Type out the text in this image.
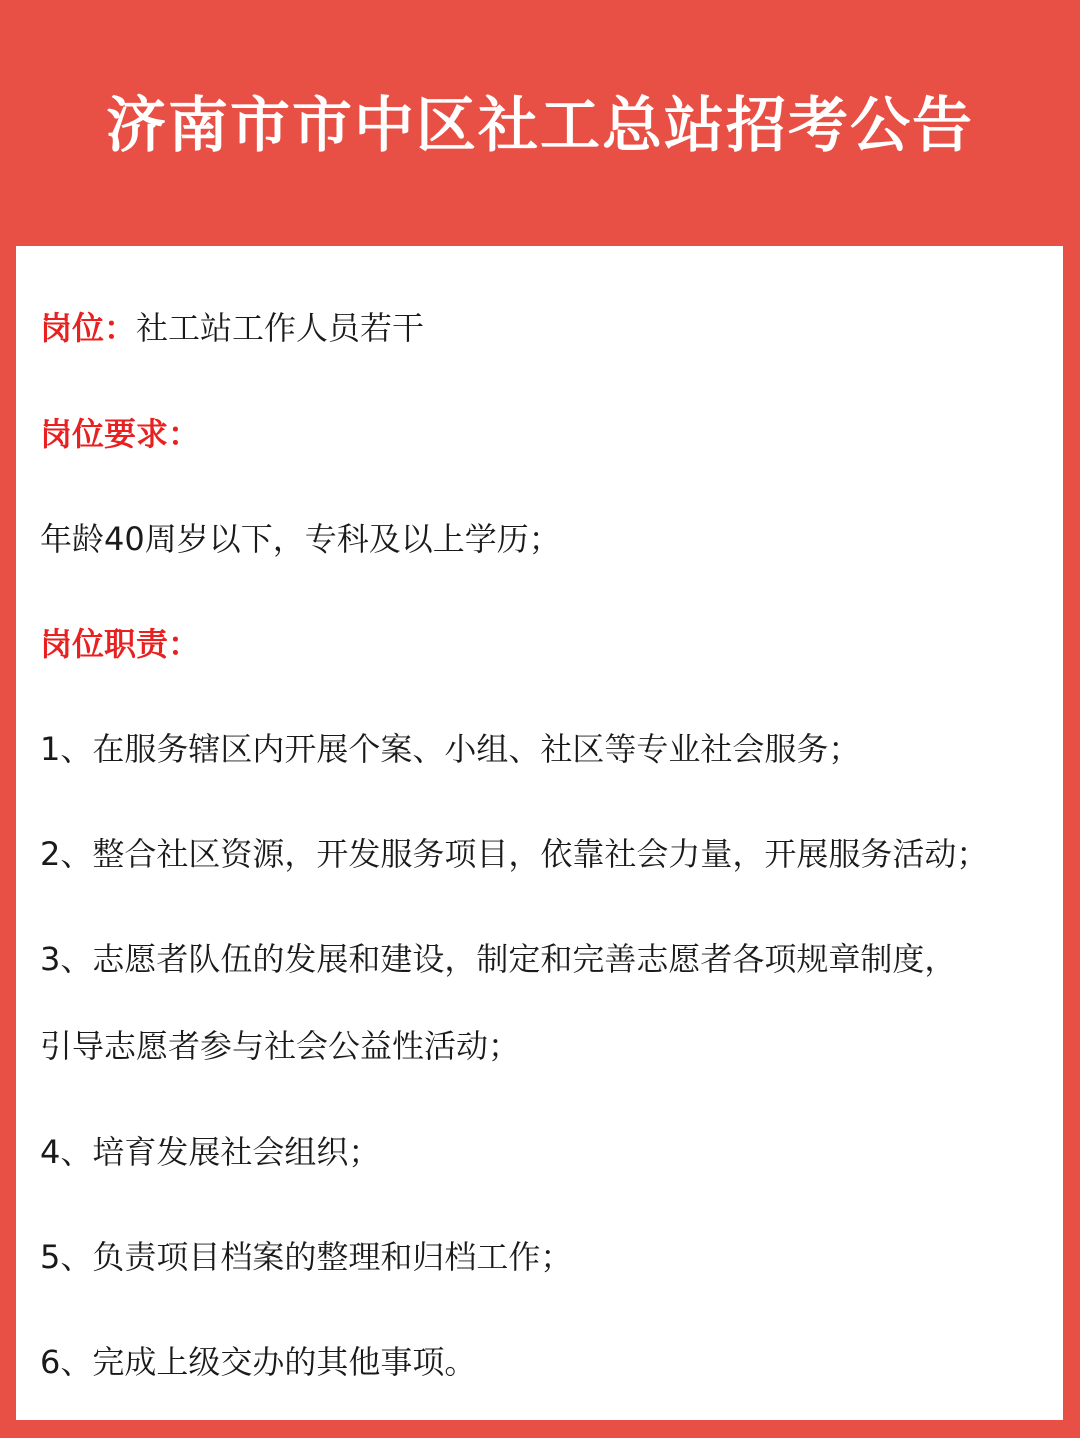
济南市市中区社工总站招考公告
岗位：社工站工作人员若干
岗位要求：
年龄40周岁以下，专科及以上学历；
岗位职责：
1、在服务辖区内开展个案、小组、社区等专业社会服务；
2、整合社区资源，开发服务项目，依靠社会力量，开展服务活动；
3、志愿者队伍的发展和建设，制定和完善志愿者各项规章制度，
引导志愿者参与社会公益性活动；
4、培育发展社会组织；
5、负责项目档案的整理和归档工作；
6、完成上级交办的其他事项。
